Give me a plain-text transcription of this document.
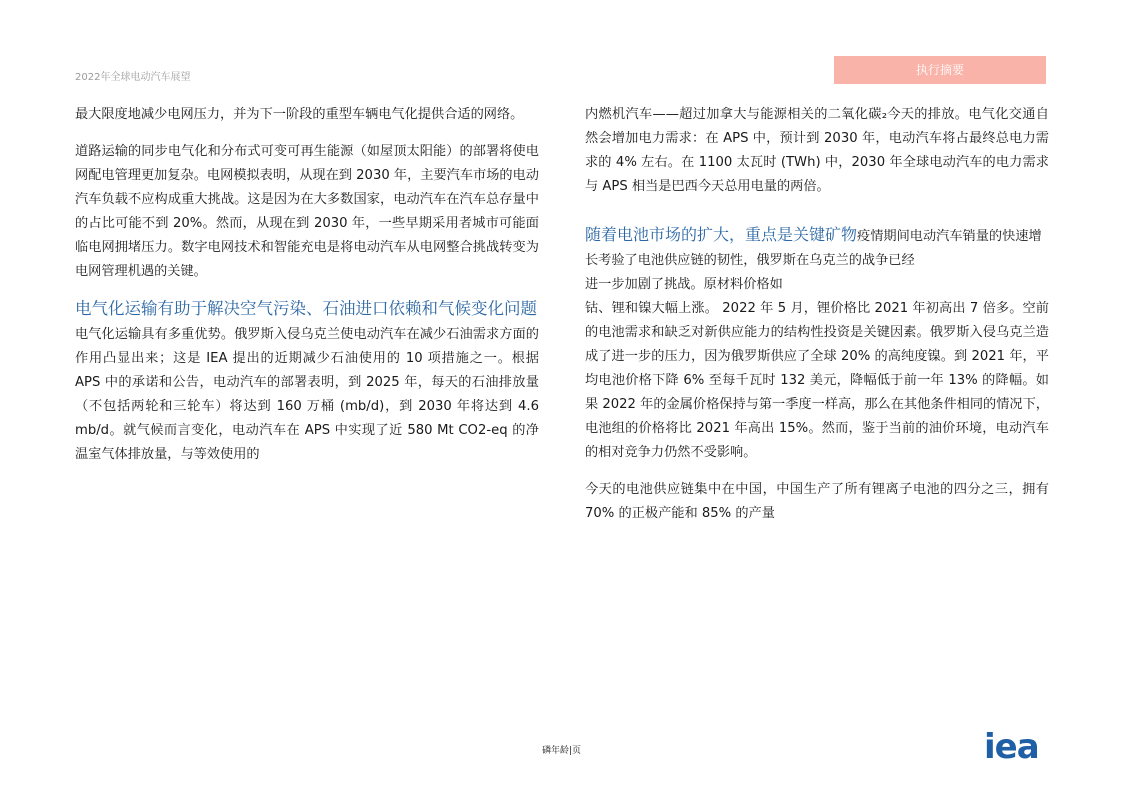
2022年全球电动汽车展望
执行摘要

最大限度地减少电网压力，并为下一阶段的重型车辆电气化提供合适的网络。

道路运输的同步电气化和分布式可变可再生能源（如屋顶太阳能）的部署将使电网配电管理更加复杂。电网模拟表明，从现在到 2030 年，主要汽车市场的电动汽车负载不应构成重大挑战。这是因为在大多数国家，电动汽车在汽车总存量中的占比可能不到 20%。然而，从现在到 2030 年，一些早期采用者城市可能面临电网拥堵压力。数字电网技术和智能充电是将电动汽车从电网整合挑战转变为电网管理机遇的关键。

电气化运输有助于解决空气污染、石油进口依赖和气候变化问题

电气化运输具有多重优势。俄罗斯入侵乌克兰使电动汽车在减少石油需求方面的作用凸显出来；这是 IEA 提出的近期减少石油使用的 10 项措施之一。根据 APS 中的承诺和公告，电动汽车的部署表明，到 2025 年，每天的石油排放量（不包括两轮和三轮车）将达到 160 万桶 (mb/d)，到 2030 年将达到 4.6 mb/d。就气候而言变化，电动汽车在 APS 中实现了近 580 Mt CO2-eq 的净温室气体排放量，与等效使用的

内燃机汽车——超过加拿大与能源相关的二氧化碳₂今天的排放。电气化交通自然会增加电力需求：在 APS 中，预计到 2030 年，电动汽车将占最终总电力需求的 4% 左右。在 1100 太瓦时 (TWh) 中，2030 年全球电动汽车的电力需求与 APS 相当是巴西今天总用电量的两倍。

随着电池市场的扩大，重点是关键矿物疫情期间电动汽车销量的快速增
长考验了电池供应链的韧性，俄罗斯在乌克兰的战争已经
进一步加剧了挑战。原材料价格如

钴、锂和镍大幅上涨。 2022 年 5 月，锂价格比 2021 年初高出 7 倍多。空前的电池需求和缺乏对新供应能力的结构性投资是关键因素。俄罗斯入侵乌克兰造成了进一步的压力，因为俄罗斯供应了全球 20% 的高纯度镍。到 2021 年，平均电池价格下降 6% 至每千瓦时 132 美元，降幅低于前一年 13% 的降幅。如果 2022 年的金属价格保持与第一季度一样高，那么在其他条件相同的情况下，电池组的价格将比 2021 年高出 15%。然而，鉴于当前的油价环境，电动汽车的相对竞争力仍然不受影响。

今天的电池供应链集中在中国，中国生产了所有锂离子电池的四分之三，拥有 70% 的正极产能和 85% 的产量

磷年龄|页	iea
